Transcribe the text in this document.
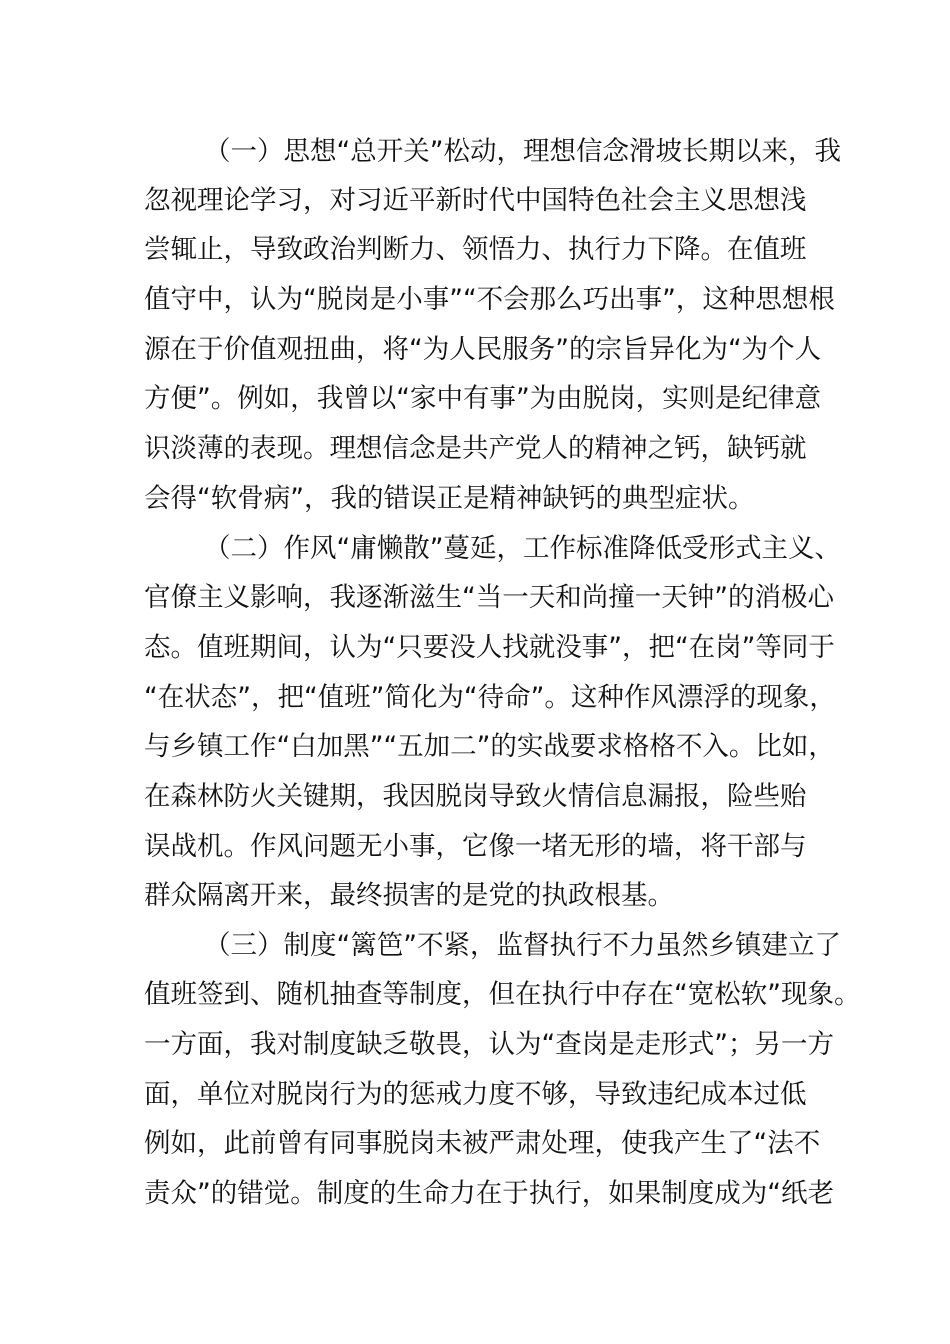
（一）思想“总开关”松动，理想信念滑坡长期以来，我
忽视理论学习，对习近平新时代中国特色社会主义思想浅
尝辄止，导致政治判断力、领悟力、执行力下降。在值班
值守中，认为“脱岗是小事”“不会那么巧出事”，这种思想根
源在于价值观扭曲，将“为人民服务”的宗旨异化为“为个人
方便”。例如，我曾以“家中有事”为由脱岗，实则是纪律意
识淡薄的表现。理想信念是共产党人的精神之钙，缺钙就
会得“软骨病”，我的错误正是精神缺钙的典型症状。
（二）作风“庸懒散”蔓延，工作标准降低受形式主义、
官僚主义影响，我逐渐滋生“当一天和尚撞一天钟”的消极心
态。值班期间，认为“只要没人找就没事”，把“在岗”等同于
“在状态”，把“值班”简化为“待命”。这种作风漂浮的现象，
与乡镇工作“白加黑”“五加二”的实战要求格格不入。比如，
在森林防火关键期，我因脱岗导致火情信息漏报，险些贻
误战机。作风问题无小事，它像一堵无形的墙，将干部与
群众隔离开来，最终损害的是党的执政根基。
（三）制度“篱笆”不紧，监督执行不力虽然乡镇建立了
值班签到、随机抽查等制度，但在执行中存在“宽松软”现象。
一方面，我对制度缺乏敬畏，认为“查岗是走形式”；另一方
面，单位对脱岗行为的惩戒力度不够，导致违纪成本过低
例如，此前曾有同事脱岗未被严肃处理，使我产生了“法不
责众”的错觉。制度的生命力在于执行，如果制度成为“纸老
